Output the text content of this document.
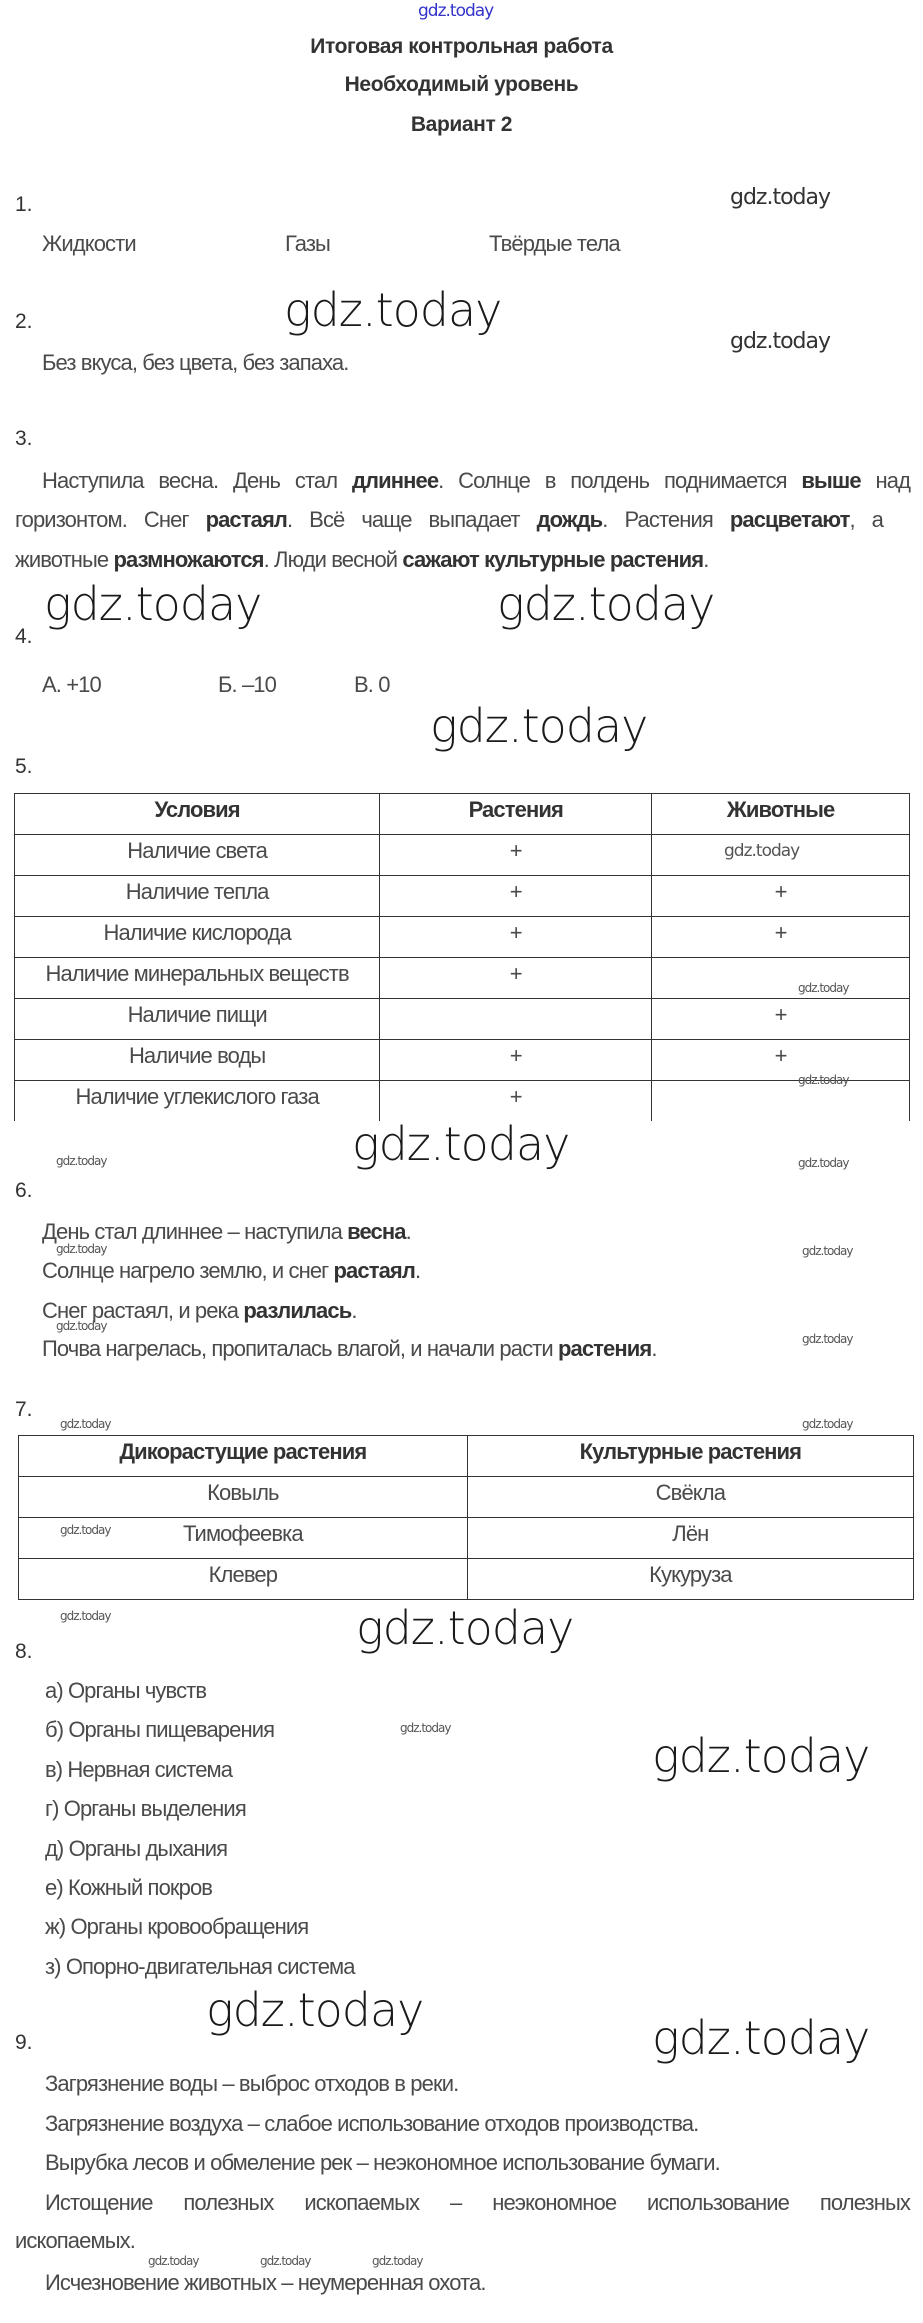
gdz.today
Итоговая контрольная работа
Необходимый уровень
Вариант 2
1.
Жидкости	Газы	Твёрдые тела
2.
Без вкуса, без цвета, без запаха.
3.
Наступила весна. День стал длиннее. Солнце в полдень поднимается выше над
горизонтом. Снег растаял. Всё чаще выпадает дождь. Растения расцветают, а
животные размножаются. Люди весной сажают культурные растения.
4.
А. +10	Б. –10	В. 0
5.
Условия	Растения	Животные
Наличие света	+	
Наличие тепла	+	+
Наличие кислорода	+	+
Наличие минеральных веществ	+	
Наличие пищи		+
Наличие воды	+	+
Наличие углекислого газа	+	
6.
День стал длиннее – наступила весна.
Солнце нагрело землю, и снег растаял.
Снег растаял, и река разлилась.
Почва нагрелась, пропиталась влагой, и начали расти растения.
7.
Дикорастущие растения	Культурные растения
Ковыль	Свёкла
Тимофеевка	Лён
Клевер	Кукуруза
8.
а) Органы чувств
б) Органы пищеварения
в) Нервная система
г) Органы выделения
д) Органы дыхания
е) Кожный покров
ж) Органы кровообращения
з) Опорно-двигательная система
9.
Загрязнение воды – выброс отходов в реки.
Загрязнение воздуха – слабое использование отходов производства.
Вырубка лесов и обмеление рек – неэкономное использование бумаги.
Истощение полезных ископаемых – неэкономное использование полезных
ископаемых.
Исчезновение животных – неумеренная охота.
gdz.today
gdz.today
gdz.today
gdz.today	gdz.today
gdz.today
gdz.today
gdz.today
gdz.today
gdz.today	gdz.today	gdz.today
gdz.today	gdz.today
gdz.today
gdz.today
gdz.today	gdz.today
gdz.today
gdz.today
gdz.today
gdz.today
gdz.today
gdz.today
gdz.today
gdz.today	gdz.today	gdz.today
